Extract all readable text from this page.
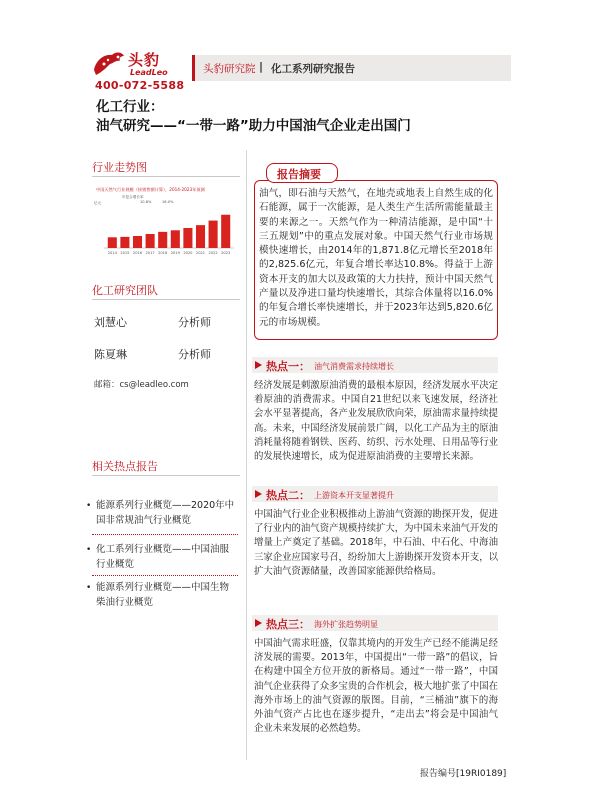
头豹
LeadLeo
400-072-5588
头豹研究院 | 化工系列研究报告
化工行业：
油气研究——“一带一路”助力中国油气企业走出国门
行业走势图
中国天然气行业规模（按销售额计算），2014-2023年预测
年复合增长率
亿元	10.8%	16.0%
2014 2015 2016 2017 2018 2019 2020 2021 2022 2023
化工研究团队
刘慧心	分析师
陈夏琳	分析师
邮箱：cs@leadleo.com
相关热点报告
• 能源系列行业概览——2020年中国非常规油气行业概览
• 化工系列行业概览——中国油服行业概览
• 能源系列行业概览——中国生物柴油行业概览
油气，即石油与天然气，在地壳或地表上自然生成的化石能源，属于一次能源，是人类生产生活所需能量最主要的来源之一。天然气作为一种清洁能源，是中国“十三五规划”中的重点发展对象。中国天然气行业市场规模快速增长，由2014年的1,871.8亿元增长至2018年的2,825.6亿元，年复合增长率达10.8%。得益于上游资本开支的加大以及政策的大力扶持，预计中国天然气产量以及净进口量均快速增长，其综合体量将以16.0%的年复合增长率快速增长，并于2023年达到5,820.6亿元的市场规模。
报告摘要
热点一： 油气消费需求持续增长
经济发展是刺激原油消费的最根本原因，经济发展水平决定着原油的消费需求。中国自21世纪以来飞速发展，经济社会水平显著提高，各产业发展欣欣向荣，原油需求量持续提高。未来，中国经济发展前景广阔，以化工产品为主的原油消耗量将随着钢铁、医药、纺织、污水处理、日用品等行业的发展快速增长，成为促进原油消费的主要增长来源。
热点二： 上游资本开支显著提升
中国油气行业企业积极推动上游油气资源的勘探开发，促进了行业内的油气资产规模持续扩大，为中国未来油气开发的增量上产奠定了基础。2018年，中石油、中石化、中海油三家企业应国家号召，纷纷加大上游勘探开发资本开支，以扩大油气资源储量，改善国家能源供给格局。
热点三： 海外扩张趋势明显
中国油气需求旺盛，仅靠其境内的开发生产已经不能满足经济发展的需要。2013年，中国提出“一带一路”的倡议，旨在构建中国全方位开放的新格局。通过“一带一路”，中国油气企业获得了众多宝贵的合作机会，极大地扩张了中国在海外市场上的油气资源的版图。目前，“三桶油”旗下的海外油气资产占比也在逐步提升，“走出去”将会是中国油气企业未来发展的必然趋势。
报告编号[19RI0189]
